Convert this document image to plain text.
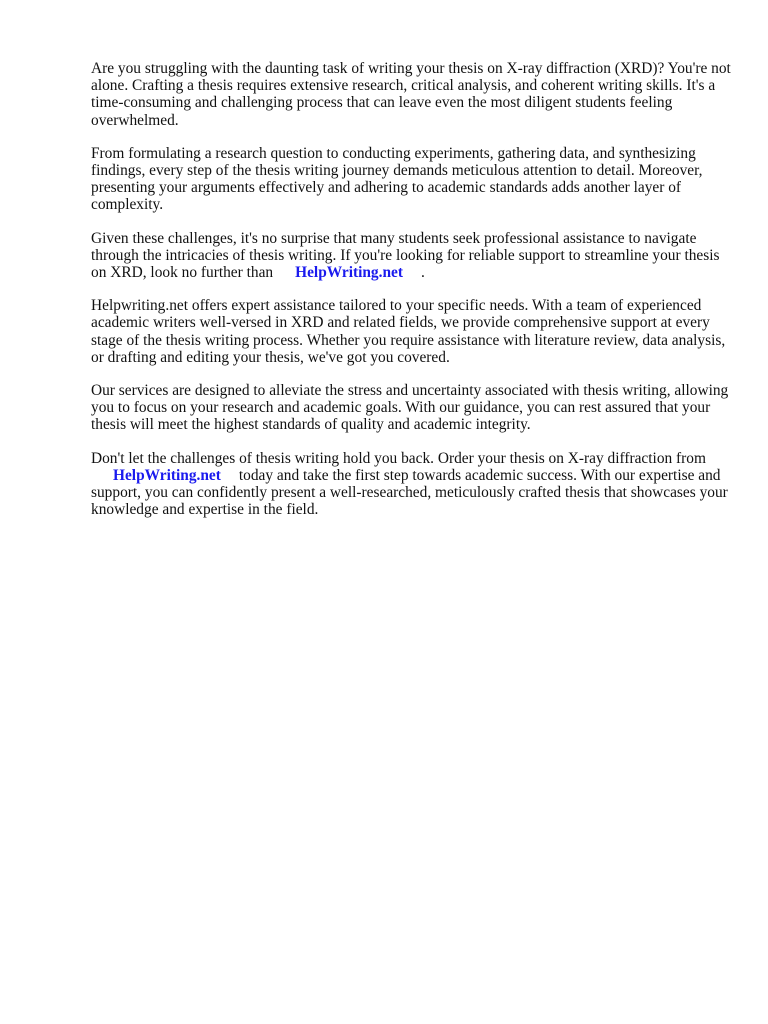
Are you struggling with the daunting task of writing your thesis on X-ray diffraction (XRD)? You're not alone. Crafting a thesis requires extensive research, critical analysis, and coherent writing skills. It's a time-consuming and challenging process that can leave even the most diligent students feeling overwhelmed.

From formulating a research question to conducting experiments, gathering data, and synthesizing findings, every step of the thesis writing journey demands meticulous attention to detail. Moreover, presenting your arguments effectively and adhering to academic standards adds another layer of complexity.

Given these challenges, it's no surprise that many students seek professional assistance to navigate through the intricacies of thesis writing. If you're looking for reliable support to streamline your thesis on XRD, look no further than HelpWriting.net .

Helpwriting.net offers expert assistance tailored to your specific needs. With a team of experienced academic writers well-versed in XRD and related fields, we provide comprehensive support at every stage of the thesis writing process. Whether you require assistance with literature review, data analysis, or drafting and editing your thesis, we've got you covered.

Our services are designed to alleviate the stress and uncertainty associated with thesis writing, allowing you to focus on your research and academic goals. With our guidance, you can rest assured that your thesis will meet the highest standards of quality and academic integrity.

Don't let the challenges of thesis writing hold you back. Order your thesis on X-ray diffraction from
HelpWriting.net today and take the first step towards academic success. With our expertise and support, you can confidently present a well-researched, meticulously crafted thesis that showcases your knowledge and expertise in the field.
